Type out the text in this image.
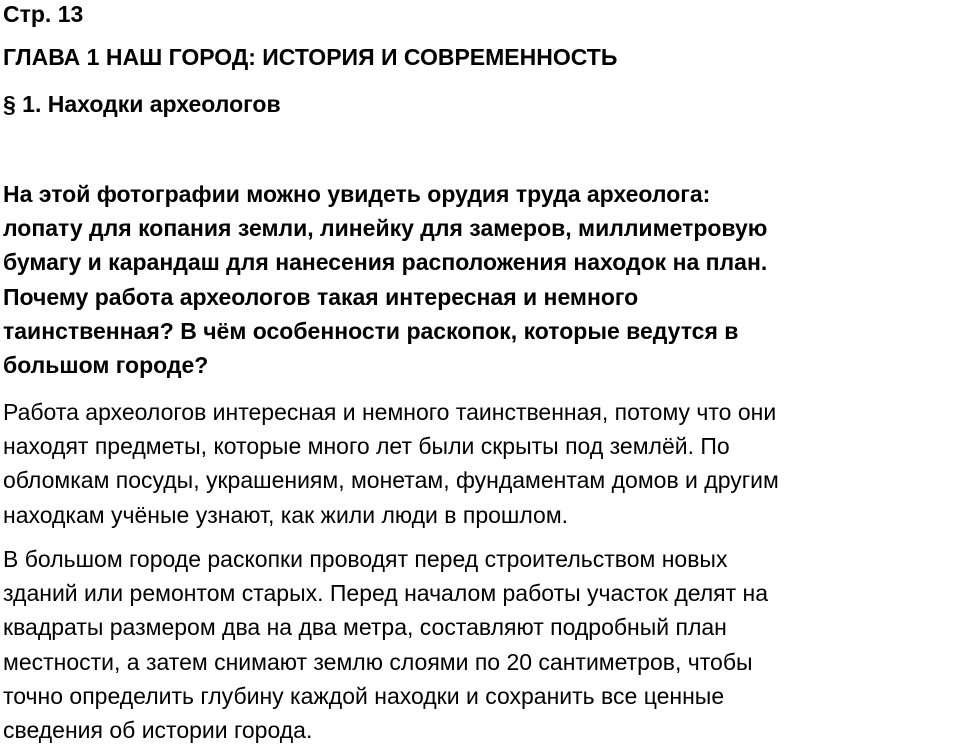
Стр. 13
ГЛАВА 1 НАШ ГОРОД: ИСТОРИЯ И СОВРЕМЕННОСТЬ
§ 1. Находки археологов
На этой фотографии можно увидеть орудия труда археолога:
лопату для копания земли, линейку для замеров, миллиметровую
бумагу и карандаш для нанесения расположения находок на план.
Почему работа археологов такая интересная и немного
таинственная? В чём особенности раскопок, которые ведутся в
большом городе?
Работа археологов интересная и немного таинственная, потому что они
находят предметы, которые много лет были скрыты под землёй. По
обломкам посуды, украшениям, монетам, фундаментам домов и другим
находкам учёные узнают, как жили люди в прошлом.
В большом городе раскопки проводят перед строительством новых
зданий или ремонтом старых. Перед началом работы участок делят на
квадраты размером два на два метра, составляют подробный план
местности, а затем снимают землю слоями по 20 сантиметров, чтобы
точно определить глубину каждой находки и сохранить все ценные
сведения об истории города.
